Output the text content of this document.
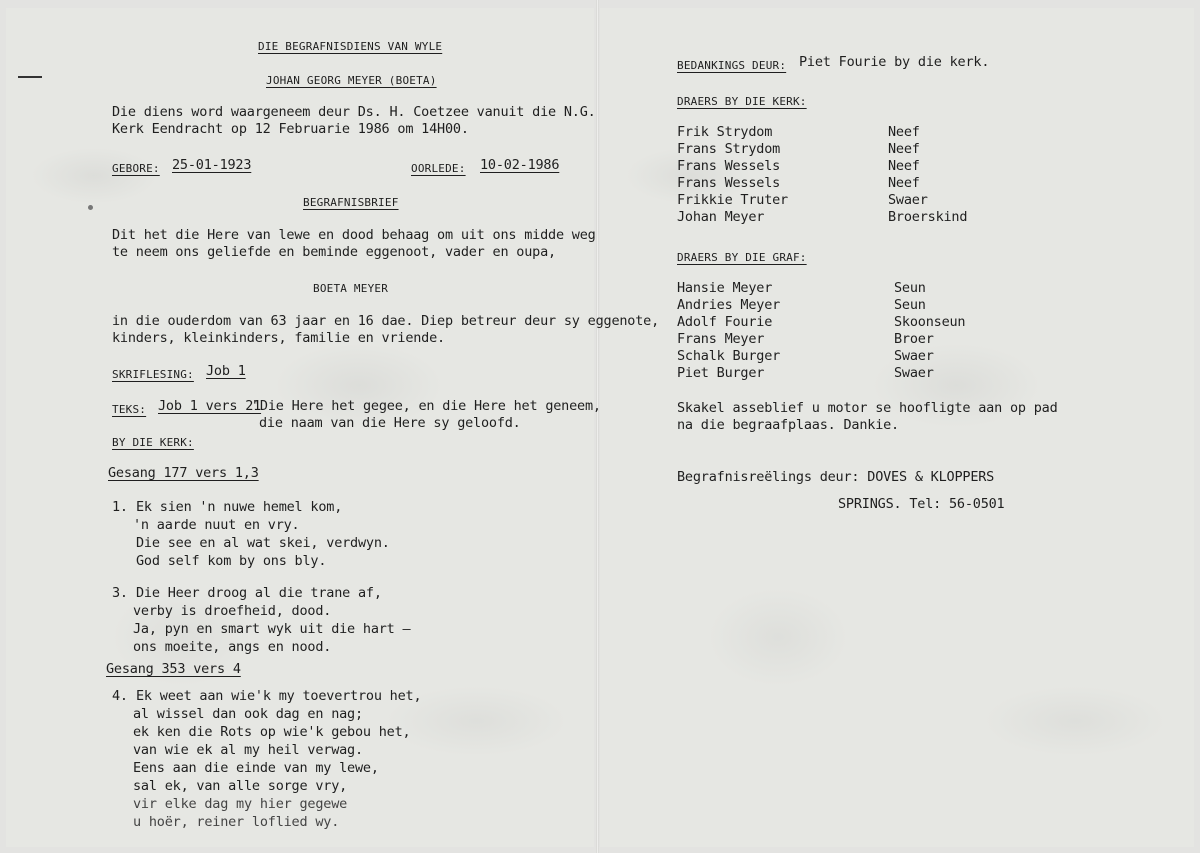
DIE BEGRAFNISDIENS VAN WYLE
JOHAN GEORG MEYER (BOETA)
Die diens word waargeneem deur Ds. H. Coetzee vanuit die N.G.
Kerk Eendracht op 12 Februarie 1986 om 14H00.
GEBORE: 25-01-1923	OORLEDE: 10-02-1986
BEGRAFNISBRIEF
Dit het die Here van lewe en dood behaag om uit ons midde weg
te neem ons geliefde en beminde eggenoot, vader en oupa,
BOETA MEYER
in die ouderdom van 63 jaar en 16 dae. Diep betreur deur sy eggenote,
kinders, kleinkinders, familie en vriende.
SKRIFLESING: Job 1
TEKS: Job 1 vers 21
"Die Here het gegee, en die Here het geneem,
die naam van die Here sy geloofd.
BY DIE KERK:
Gesang 177 vers 1,3
1. Ek sien 'n nuwe hemel kom,
'n aarde nuut en vry.
Die see en al wat skei, verdwyn.
God self kom by ons bly.
3. Die Heer droog al die trane af,
verby is droefheid, dood.
Ja, pyn en smart wyk uit die hart —
ons moeite, angs en nood.
Gesang 353 vers 4
4. Ek weet aan wie'k my toevertrou het,
al wissel dan ook dag en nag;
ek ken die Rots op wie'k gebou het,
van wie ek al my heil verwag.
Eens aan die einde van my lewe,
sal ek, van alle sorge vry,
vir elke dag my hier gegewe
u hoër, reiner loflied wy.
BEDANKINGS DEUR: Piet Fourie by die kerk.
DRAERS BY DIE KERK:
Frik Strydom	Neef
Frans Strydom	Neef
Frans Wessels	Neef
Frans Wessels	Neef
Frikkie Truter	Swaer
Johan Meyer	Broerskind
DRAERS BY DIE GRAF:
Hansie Meyer	Seun
Andries Meyer	Seun
Adolf Fourie	Skoonseun
Frans Meyer	Broer
Schalk Burger	Swaer
Piet Burger	Swaer
Skakel asseblief u motor se hoofligte aan op pad
na die begraafplaas. Dankie.
Begrafnisreëlings deur: DOVES & KLOPPERS
SPRINGS. Tel: 56-0501
